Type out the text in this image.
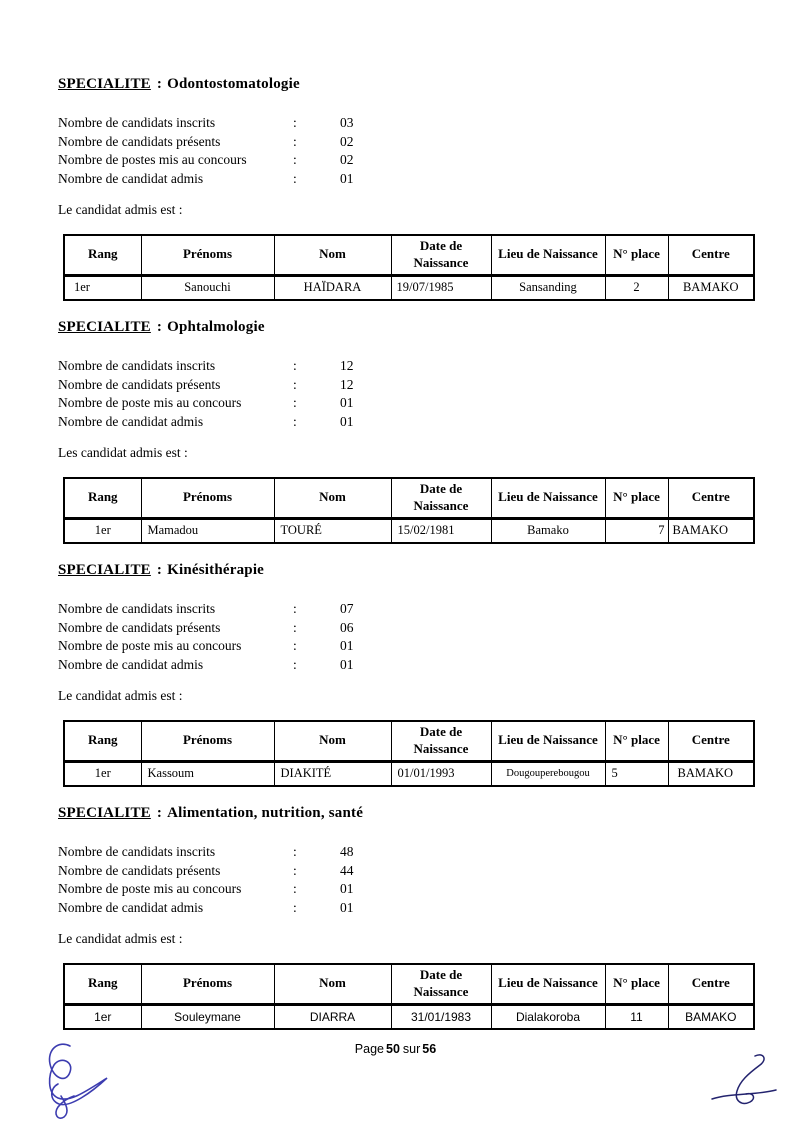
SPECIALITE : Odontostomatologie
Nombre de candidats inscrits	:	03
Nombre de candidats présents	:	02
Nombre de postes mis au concours	:	02
Nombre de candidat admis	:	01

Le candidat admis est :

Rang	Prénoms	Nom	Date de Naissance	Lieu de Naissance	N° place	Centre
1er	Sanouchi	HAÏDARA	19/07/1985	Sansanding	2	BAMAKO
SPECIALITE : Ophtalmologie
Nombre de candidats inscrits	:	12
Nombre de candidats présents	:	12
Nombre de poste mis au concours	:	01
Nombre de candidat admis	:	01

Les candidat admis est :

Rang	Prénoms	Nom	Date de Naissance	Lieu de Naissance	N° place	Centre
1er	Mamadou	TOURÉ	15/02/1981	Bamako	7	BAMAKO
SPECIALITE : Kinésithérapie
Nombre de candidats inscrits	:	07
Nombre de candidats présents	:	06
Nombre de poste mis au concours	:	01
Nombre de candidat admis	:	01

Le candidat admis est :

Rang	Prénoms	Nom	Date de Naissance	Lieu de Naissance	N° place	Centre
1er	Kassoum	DIAKITÉ	01/01/1993	Dougouperebougou	5	BAMAKO
SPECIALITE : Alimentation, nutrition, santé
Nombre de candidats inscrits	:	48
Nombre de candidats présents	:	44
Nombre de poste mis au concours	:	01
Nombre de candidat admis	:	01

Le candidat admis est :

Rang	Prénoms	Nom	Date de Naissance	Lieu de Naissance	N° place	Centre
1er	Souleymane	DIARRA	31/01/1983	Dialakoroba	11	BAMAKO
Page 50 sur 56
